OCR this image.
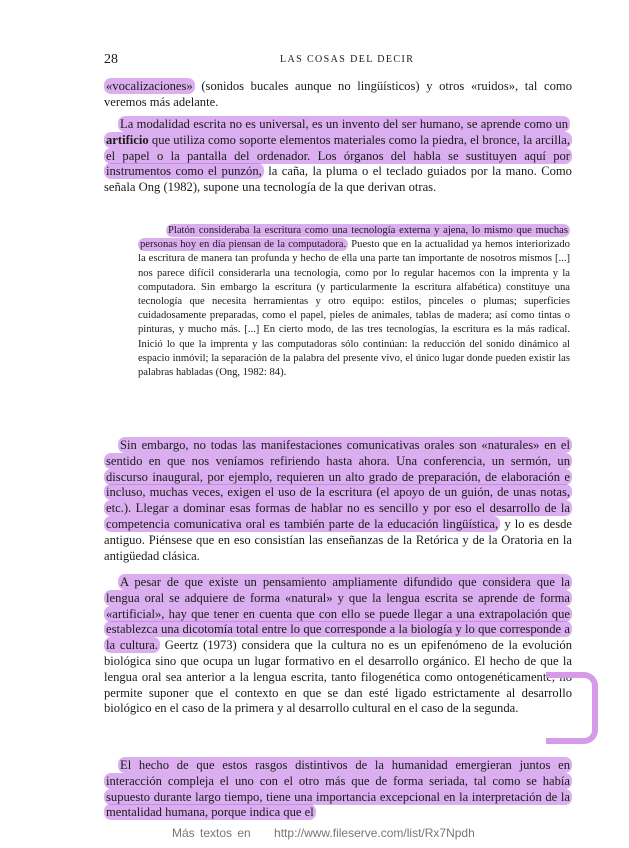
28	LAS COSAS DEL DECIR

«vocalizaciones» (sonidos bucales aunque no lingüísticos) y otros «ruidos», tal como veremos más adelante.

La modalidad escrita no es universal, es un invento del ser humano, se aprende como un artificio que utiliza como soporte elementos materiales como la piedra, el bronce, la arcilla, el papel o la pantalla del ordenador. Los órganos del habla se sustituyen aquí por instrumentos como el punzón, la caña, la pluma o el teclado guiados por la mano. Como señala Ong (1982), supone una tecnología de la que derivan otras.

Platón consideraba la escritura como una tecnología externa y ajena, lo mismo que muchas personas hoy en día piensan de la computadora. Puesto que en la actualidad ya hemos interiorizado la escritura de manera tan profunda y hecho de ella una parte tan importante de nosotros mismos [...] nos parece difícil considerarla una tecnología, como por lo regular hacemos con la imprenta y la computadora. Sin embargo la escritura (y particularmente la escritura alfabética) constituye una tecnología que necesita herramientas y otro equipo: estilos, pinceles o plumas; superficies cuidadosamente preparadas, como el papel, pieles de animales, tablas de madera; así como tintas o pinturas, y mucho más. [...] En cierto modo, de las tres tecnologías, la escritura es la más radical. Inició lo que la imprenta y las computadoras sólo continúan: la reducción del sonido dinámico al espacio inmóvil; la separación de la palabra del presente vivo, el único lugar donde pueden existir las palabras habladas (Ong, 1982: 84).

Sin embargo, no todas las manifestaciones comunicativas orales son «naturales» en el sentido en que nos veníamos refiriendo hasta ahora. Una conferencia, un sermón, un discurso inaugural, por ejemplo, requieren un alto grado de preparación, de elaboración e incluso, muchas veces, exigen el uso de la escritura (el apoyo de un guión, de unas notas, etc.). Llegar a dominar esas formas de hablar no es sencillo y por eso el desarrollo de la competencia comunicativa oral es también parte de la educación lingüística, y lo es desde antiguo. Piénsese que en eso consistían las enseñanzas de la Retórica y de la Oratoria en la antigüedad clásica.

A pesar de que existe un pensamiento ampliamente difundido que considera que la lengua oral se adquiere de forma «natural» y que la lengua escrita se aprende de forma «artificial», hay que tener en cuenta que con ello se puede llegar a una extrapolación que establezca una dicotomía total entre lo que corresponde a la biología y lo que corresponde a la cultura. Geertz (1973) considera que la cultura no es un epifenómeno de la evolución biológica sino que ocupa un lugar formativo en el desarrollo orgánico. El hecho de que la lengua oral sea anterior a la lengua escrita, tanto filogenética como ontogenéticamente, no permite suponer que el contexto en que se dan esté ligado estrictamente al desarrollo biológico en el caso de la primera y al desarrollo cultural en el caso de la segunda.

El hecho de que estos rasgos distintivos de la humanidad emergieran juntos en interacción compleja el uno con el otro más que de forma seriada, tal como se había supuesto durante largo tiempo, tiene una importancia excepcional en la interpretación de la mentalidad humana, porque indica que el

Más textos en http://www.fileserve.com/list/Rx7Npdh
